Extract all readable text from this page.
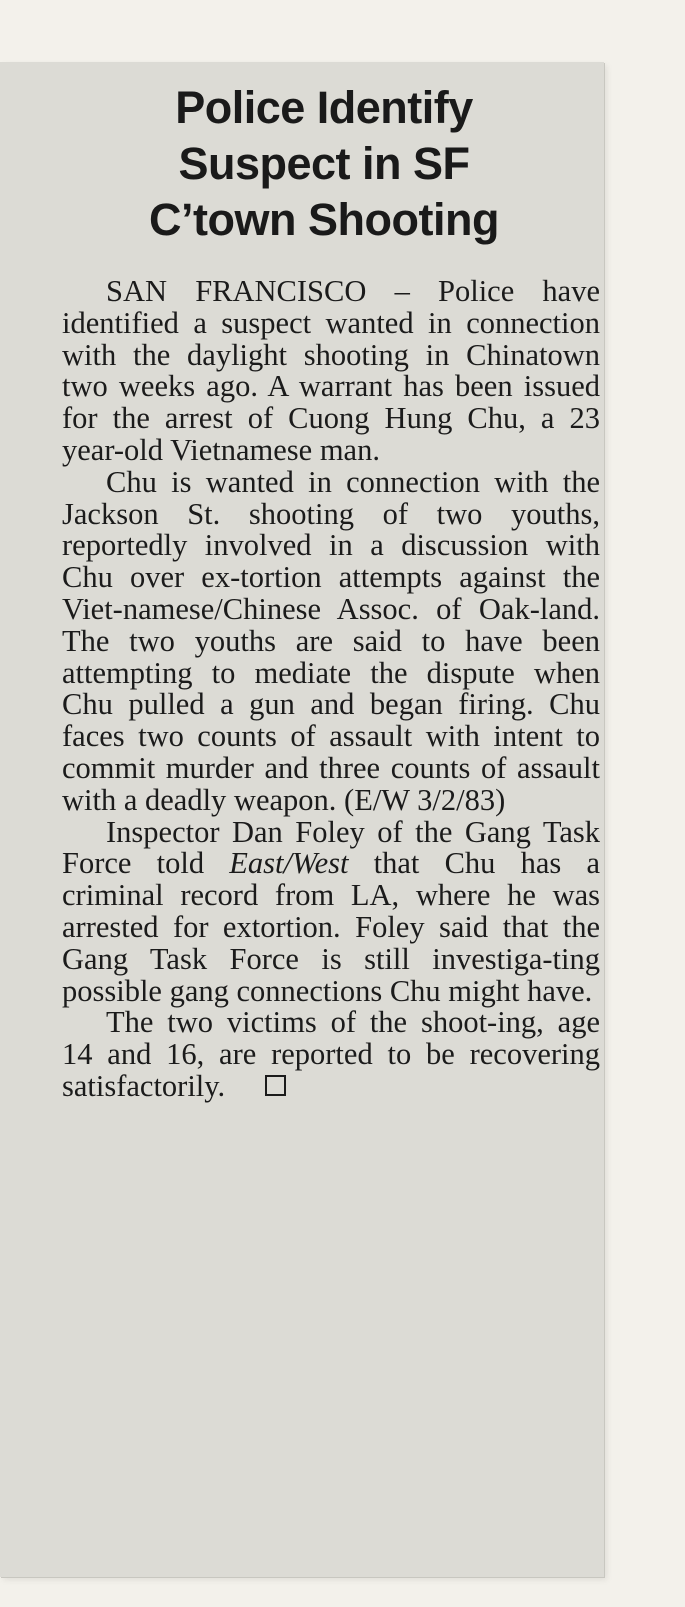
Police Identify
Suspect in SF
C’town Shooting

SAN FRANCISCO – Police have identified a suspect wanted in connection with the daylight shooting in Chinatown two weeks ago. A warrant has been issued for the arrest of Cuong Hung Chu, a 23 year-old Vietnamese man.

Chu is wanted in connection with the Jackson St. shooting of two youths, reportedly involved in a discussion with Chu over ex-tortion attempts against the Viet-namese/Chinese Assoc. of Oak-land. The two youths are said to have been attempting to mediate the dispute when Chu pulled a gun and began firing. Chu faces two counts of assault with intent to commit murder and three counts of assault with a deadly weapon. (E/W 3/2/83)

Inspector Dan Foley of the Gang Task Force told East/West that Chu has a criminal record from LA, where he was arrested for extortion. Foley said that the Gang Task Force is still investiga-ting possible gang connections Chu might have.

The two victims of the shoot-ing, age 14 and 16, are reported to be recovering satisfactorily.
